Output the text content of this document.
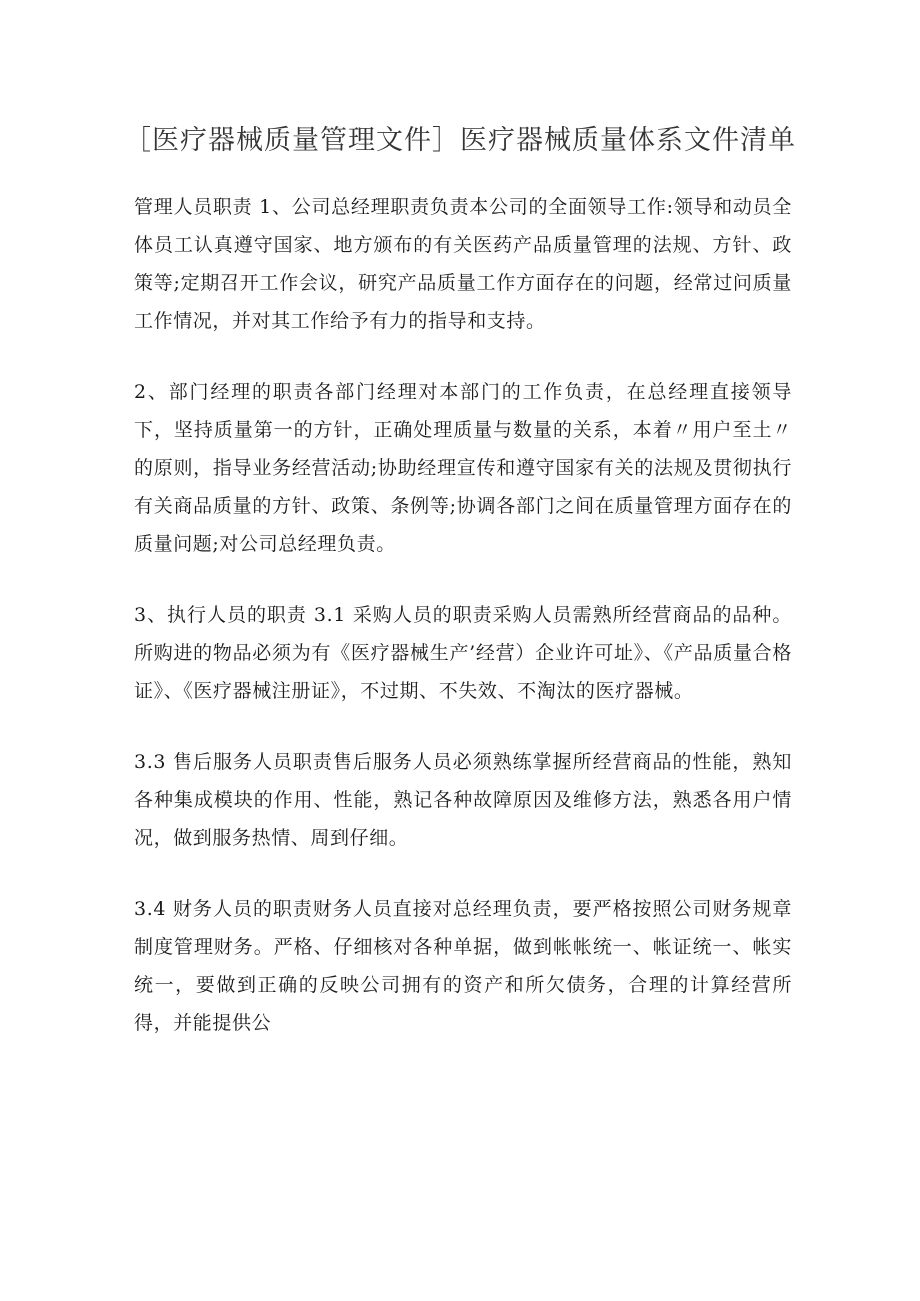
［医疗器械质量管理文件］医疗器械质量体系文件清单

管理人员职责 1、公司总经理职责负责本公司的全面领导工作:领导和动员全体员工认真遵守国家、地方颁布的有关医药产品质量管理的法规、方针、政策等;定期召开工作会议，研究产品质量工作方面存在的问题，经常过问质量工作情况，并对其工作给予有力的指导和支持。

2、部门经理的职责各部门经理对本部门的工作负责，在总经理直接领导下，坚持质量第一的方针，正确处理质量与数量的关系，本着〃用户至土〃的原则，指导业务经营活动;协助经理宣传和遵守国家有关的法规及贯彻执行有关商品质量的方针、政策、条例等;协调各部门之间在质量管理方面存在的质量问题;对公司总经理负责。

3、执行人员的职责 3.1 采购人员的职责采购人员需熟所经营商品的品种。所购进的物品必须为有《医疗器械生产’经营）企业许可址》、《产品质量合格证》、《医疗器械注册证》，不过期、不失效、不淘汰的医疗器械。

3.3 售后服务人员职责售后服务人员必须熟练掌握所经营商品的性能，熟知各种集成模块的作用、性能，熟记各种故障原因及维修方法，熟悉各用户情况，做到服务热情、周到仔细。

3.4 财务人员的职责财务人员直接对总经理负责，要严格按照公司财务规章制度管理财务。严格、仔细核对各种单据，做到帐帐统一、帐证统一、帐实统一，要做到正确的反映公司拥有的资产和所欠债务，合理的计算经营所得，并能提供公
